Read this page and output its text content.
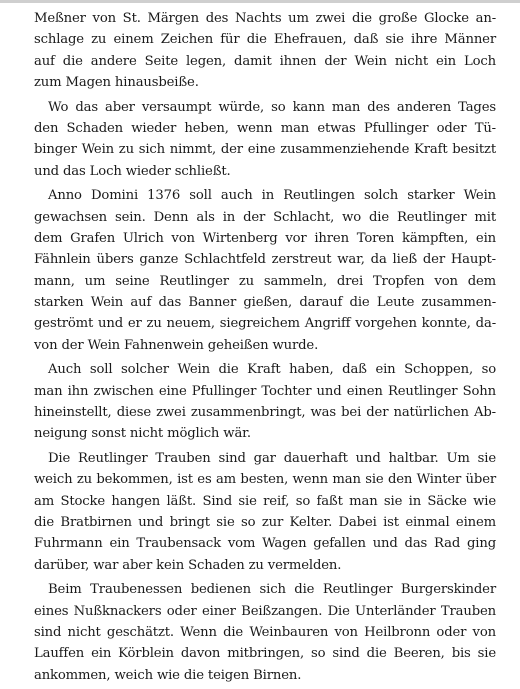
Meßner von St. Märgen des Nachts um zwei die große Glocke an-
schlage zu einem Zeichen für die Ehefrauen, daß sie ihre Männer
auf die andere Seite legen, damit ihnen der Wein nicht ein Loch
zum Magen hinausbeiße.

Wo das aber versaumpt würde, so kann man des anderen Tages
den Schaden wieder heben, wenn man etwas Pfullinger oder Tü-
binger Wein zu sich nimmt, der eine zusammenziehende Kraft besitzt
und das Loch wieder schließt.

Anno Domini 1376 soll auch in Reutlingen solch starker Wein
gewachsen sein. Denn als in der Schlacht, wo die Reutlinger mit
dem Grafen Ulrich von Wirtenberg vor ihren Toren kämpften, ein
Fähnlein übers ganze Schlachtfeld zerstreut war, da ließ der Haupt-
mann, um seine Reutlinger zu sammeln, drei Tropfen von dem
starken Wein auf das Banner gießen, darauf die Leute zusammen-
geströmt und er zu neuem, siegreichem Angriff vorgehen konnte, da-
von der Wein Fahnenwein geheißen wurde.

Auch soll solcher Wein die Kraft haben, daß ein Schoppen, so
man ihn zwischen eine Pfullinger Tochter und einen Reutlinger Sohn
hineinstellt, diese zwei zusammenbringt, was bei der natürlichen Ab-
neigung sonst nicht möglich wär.

Die Reutlinger Trauben sind gar dauerhaft und haltbar. Um sie
weich zu bekommen, ist es am besten, wenn man sie den Winter über
am Stocke hangen läßt. Sind sie reif, so faßt man sie in Säcke wie
die Bratbirnen und bringt sie so zur Kelter. Dabei ist einmal einem
Fuhrmann ein Traubensack vom Wagen gefallen und das Rad ging
darüber, war aber kein Schaden zu vermelden.

Beim Traubenessen bedienen sich die Reutlinger Burgerskinder
eines Nußknackers oder einer Beißzangen. Die Unterländer Trauben
sind nicht geschätzt. Wenn die Weinbauren von Heilbronn oder von
Lauffen ein Körblein davon mitbringen, so sind die Beeren, bis sie
ankommen, weich wie die teigen Birnen.
